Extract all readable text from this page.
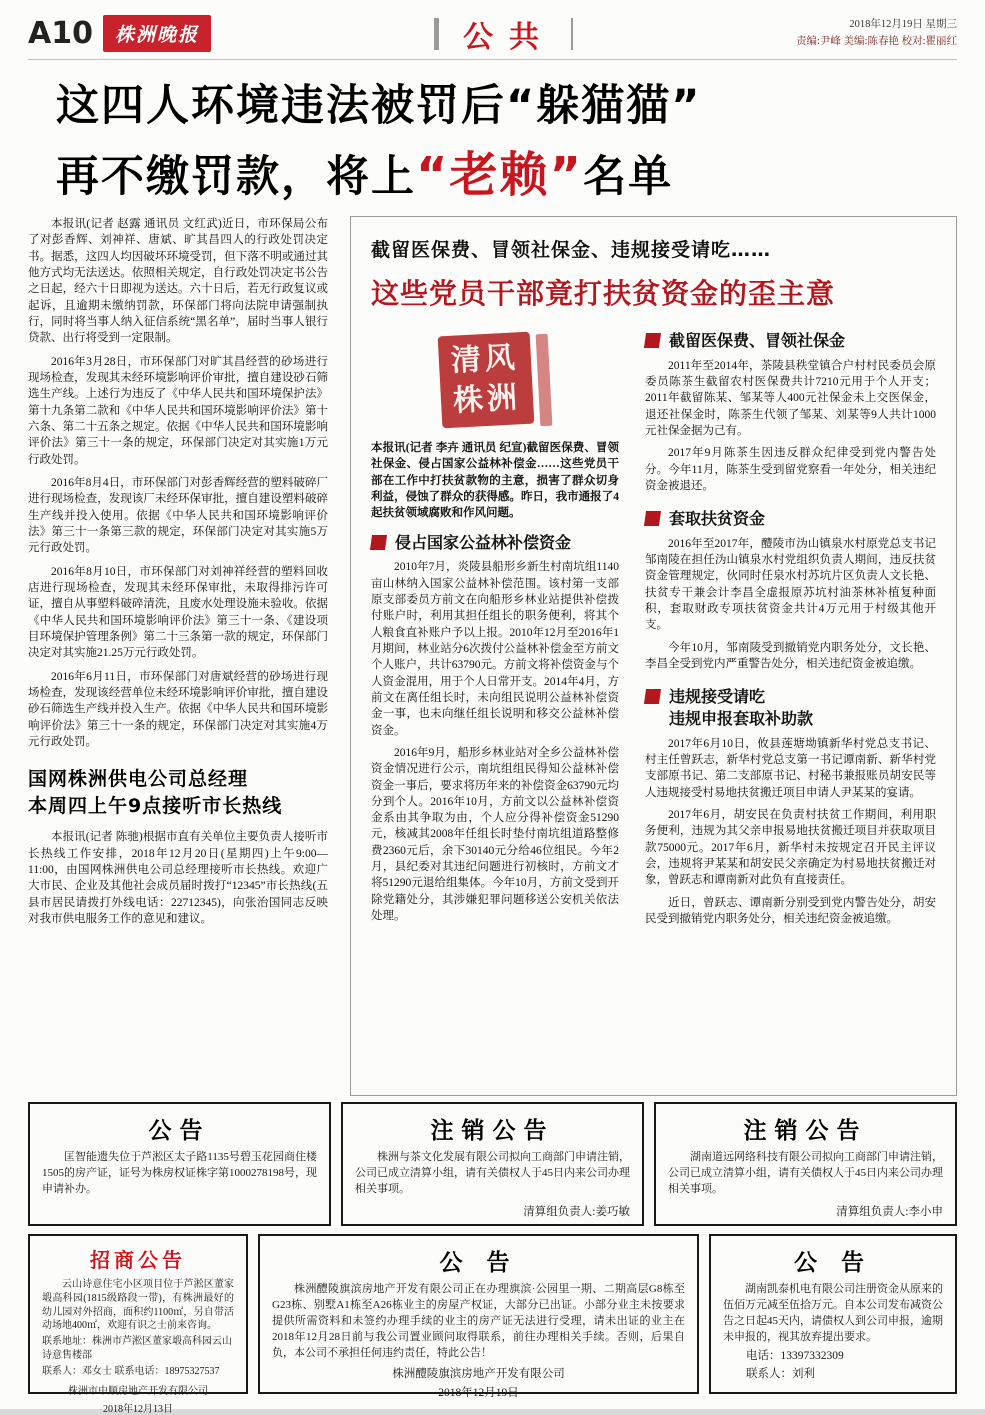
A10	株洲晚报	公共	2018年12月19日 星期三
责编:尹峰 美编:陈春艳 校对:瞿丽红
这四人环境违法被罚后“躲猫猫”
再不缴罚款，将上“老赖”名单

本报讯(记者 赵露 通讯员 文红武)近日，市环保局公布了对彭香辉、刘神祥、唐斌、旷其昌四人的行政处罚决定书。据悉，这四人均因破坏环境受罚，但下落不明或通过其他方式均无法送达。依照相关规定，自行政处罚决定书公告之日起，经六十日即视为送达。六十日后，若无行政复议或起诉，且逾期未缴纳罚款，环保部门将向法院申请强制执行，同时将当事人纳入征信系统“黑名单”，届时当事人银行贷款、出行将受到一定限制。

2016年3月28日，市环保部门对旷其昌经营的砂场进行现场检查，发现其未经环境影响评价审批，擅自建设砂石筛选生产线。上述行为违反了《中华人民共和国环境保护法》第十九条第二款和《中华人民共和国环境影响评价法》第十六条、第二十五条之规定。依据《中华人民共和国环境影响评价法》第三十一条的规定，环保部门决定对其实施1万元行政处罚。

2016年8月4日，市环保部门对彭香辉经营的塑料破碎厂进行现场检查，发现该厂未经环保审批，擅自建设塑料破碎生产线并投入使用。依据《中华人民共和国环境影响评价法》第三十一条第三款的规定，环保部门决定对其实施5万元行政处罚。

2016年8月10日，市环保部门对刘神祥经营的塑料回收店进行现场检查，发现其未经环保审批，未取得排污许可证，擅自从事塑料破碎清洗，且废水处理设施未验收。依据《中华人民共和国环境影响评价法》第三十一条、《建设项目环境保护管理条例》第二十三条第一款的规定，环保部门决定对其实施21.25万元行政处罚。

2016年6月11日，市环保部门对唐斌经营的砂场进行现场检查，发现该经营单位未经环境影响评价审批，擅自建设砂石筛选生产线并投入生产。依据《中华人民共和国环境影响评价法》第三十一条的规定，环保部门决定对其实施4万元行政处罚。

国网株洲供电公司总经理
本周四上午9点接听市长热线

本报讯(记者 陈驰)根据市直有关单位主要负责人接听市长热线工作安排，2018年12月20日(星期四)上午9:00—11:00，由国网株洲供电公司总经理接听市长热线。欢迎广大市民、企业及其他社会成员届时拨打“12345”市长热线(五县市居民请拨打外线电话：22712345)，向张治国同志反映对我市供电服务工作的意见和建议。

截留医保费、冒领社保金、违规接受请吃……
这些党员干部竟打扶贫资金的歪主意
清风株洲

本报讯(记者 李卉 通讯员 纪宣)截留医保费、冒领社保金、侵占国家公益林补偿金……这些党员干部在工作中打扶贫款物的主意，损害了群众切身利益，侵蚀了群众的获得感。昨日，我市通报了4起扶贫领域腐败和作风问题。

侵占国家公益林补偿资金

2010年7月，炎陵县船形乡新生村南坑组1140亩山林纳入国家公益林补偿范围。该村第一支部原支部委员方前文在向船形乡林业站提供补偿拨付账户时，利用其担任组长的职务便利，将其个人粮食直补账户予以上报。2010年12月至2016年1月期间，林业站分6次拨付公益林补偿金至方前文个人账户，共计63790元。方前文将补偿资金与个人资金混用，用于个人日常开支。2014年4月，方前文在离任组长时，未向组民说明公益林补偿资金一事，也未向继任组长说明和移交公益林补偿资金。

2016年9月，船形乡林业站对全乡公益林补偿资金情况进行公示，南坑组组民得知公益林补偿资金一事后，要求将历年来的补偿资金63790元均分到个人。2016年10月，方前文以公益林补偿资金系由其争取为由，个人应分得补偿资金51290元，核减其2008年任组长时垫付南坑组道路整修费2360元后，余下30140元分给46位组民。今年2月，县纪委对其违纪问题进行初核时，方前文才将51290元退给组集体。今年10月，方前文受到开除党籍处分，其涉嫌犯罪问题移送公安机关依法处理。

截留医保费、冒领社保金

2011年至2014年，茶陵县秩堂镇合户村村民委员会原委员陈茶生截留农村医保费共计7210元用于个人开支；2011年截留陈某、邹某等人400元社保金未上交医保金，退还社保金时，陈茶生代领了邹某、刘某等9人共计1000元社保金据为己有。

2017年9月陈茶生因违反群众纪律受到党内警告处分。今年11月，陈茶生受到留党察看一年处分，相关违纪资金被退还。

套取扶贫资金

2016年至2017年，醴陵市沩山镇泉水村原党总支书记邹南陵在担任沩山镇泉水村党组织负责人期间，违反扶贫资金管理规定，伙同时任泉水村苏坑片区负责人文长艳、扶贫专干兼会计李昌全虚报原苏坑村油茶林补植复种面积，套取财政专项扶贫资金共计4万元用于村级其他开支。

今年10月，邹南陵受到撤销党内职务处分，文长艳、李昌全受到党内严重警告处分，相关违纪资金被追缴。

违规接受请吃
违规申报套取补助款

2017年6月10日，攸县莲塘坳镇新华村党总支书记、村主任曾跃志，新华村党总支第一书记谭南新、新华村党支部原书记、第二支部原书记、村秘书兼报账员胡安民等人违规接受村易地扶贫搬迁项目申请人尹某某的宴请。

2017年6月，胡安民在负责村扶贫工作期间，利用职务便利，违规为其父亲申报易地扶贫搬迁项目并获取项目款75000元。2017年6月，新华村未按规定召开民主评议会，违规将尹某某和胡安民父亲确定为村易地扶贫搬迁对象，曾跃志和谭南新对此负有直接责任。

近日，曾跃志、谭南新分别受到党内警告处分，胡安民受到撤销党内职务处分，相关违纪资金被追缴。

公告

匡智能遗失位于芦淞区太子路1135号碧玉花园商住楼1505的房产证，证号为株房权证株字第1000278198号，现申请补办。

注销公告

株洲与茶文化发展有限公司拟向工商部门申请注销，公司已成立清算小组，请有关债权人于45日内来公司办理相关事项。

清算组负责人:姜巧敏
注销公告

湖南道远网络科技有限公司拟向工商部门申请注销，公司已成立清算小组，请有关债权人于45日内来公司办理相关事项。

清算组负责人:李小申
招商公告

云山诗意住宅小区项目位于芦淞区董家塅高科园(1815级路段一带)，有株洲最好的幼儿园对外招商，面积约1100㎡，另自带活动场地400㎡，欢迎有识之士前来咨询。

联系地址：株洲市芦淞区董家塅高科园云山诗意售楼部
联系人：邓女士 联系电话：18975327537
株洲市中顺房地产开发有限公司
2018年12月13日
公 告

株洲醴陵旗滨房地产开发有限公司正在办理旗滨·公园里一期、二期高层G8栋至G23栋、别墅A1栋至A26栋业主的房屋产权证，大部分已出证。小部分业主未按要求提供所需资料和未签约办理手续的业主的房产证无法进行受理，请未出证的业主在2018年12月28日前与我公司置业顾问取得联系，前往办理相关手续。否则，后果自负，本公司不承担任何违约责任，特此公告！

株洲醴陵旗滨房地产开发有限公司
2018年12月19日
公 告

湖南凯泰机电有限公司注册资金从原来的伍佰万元减至伍拾万元。自本公司发布减资公告之日起45天内，请债权人到公司申报，逾期未申报的，视其放弃提出要求。

电话：13397332309
联系人：刘利
